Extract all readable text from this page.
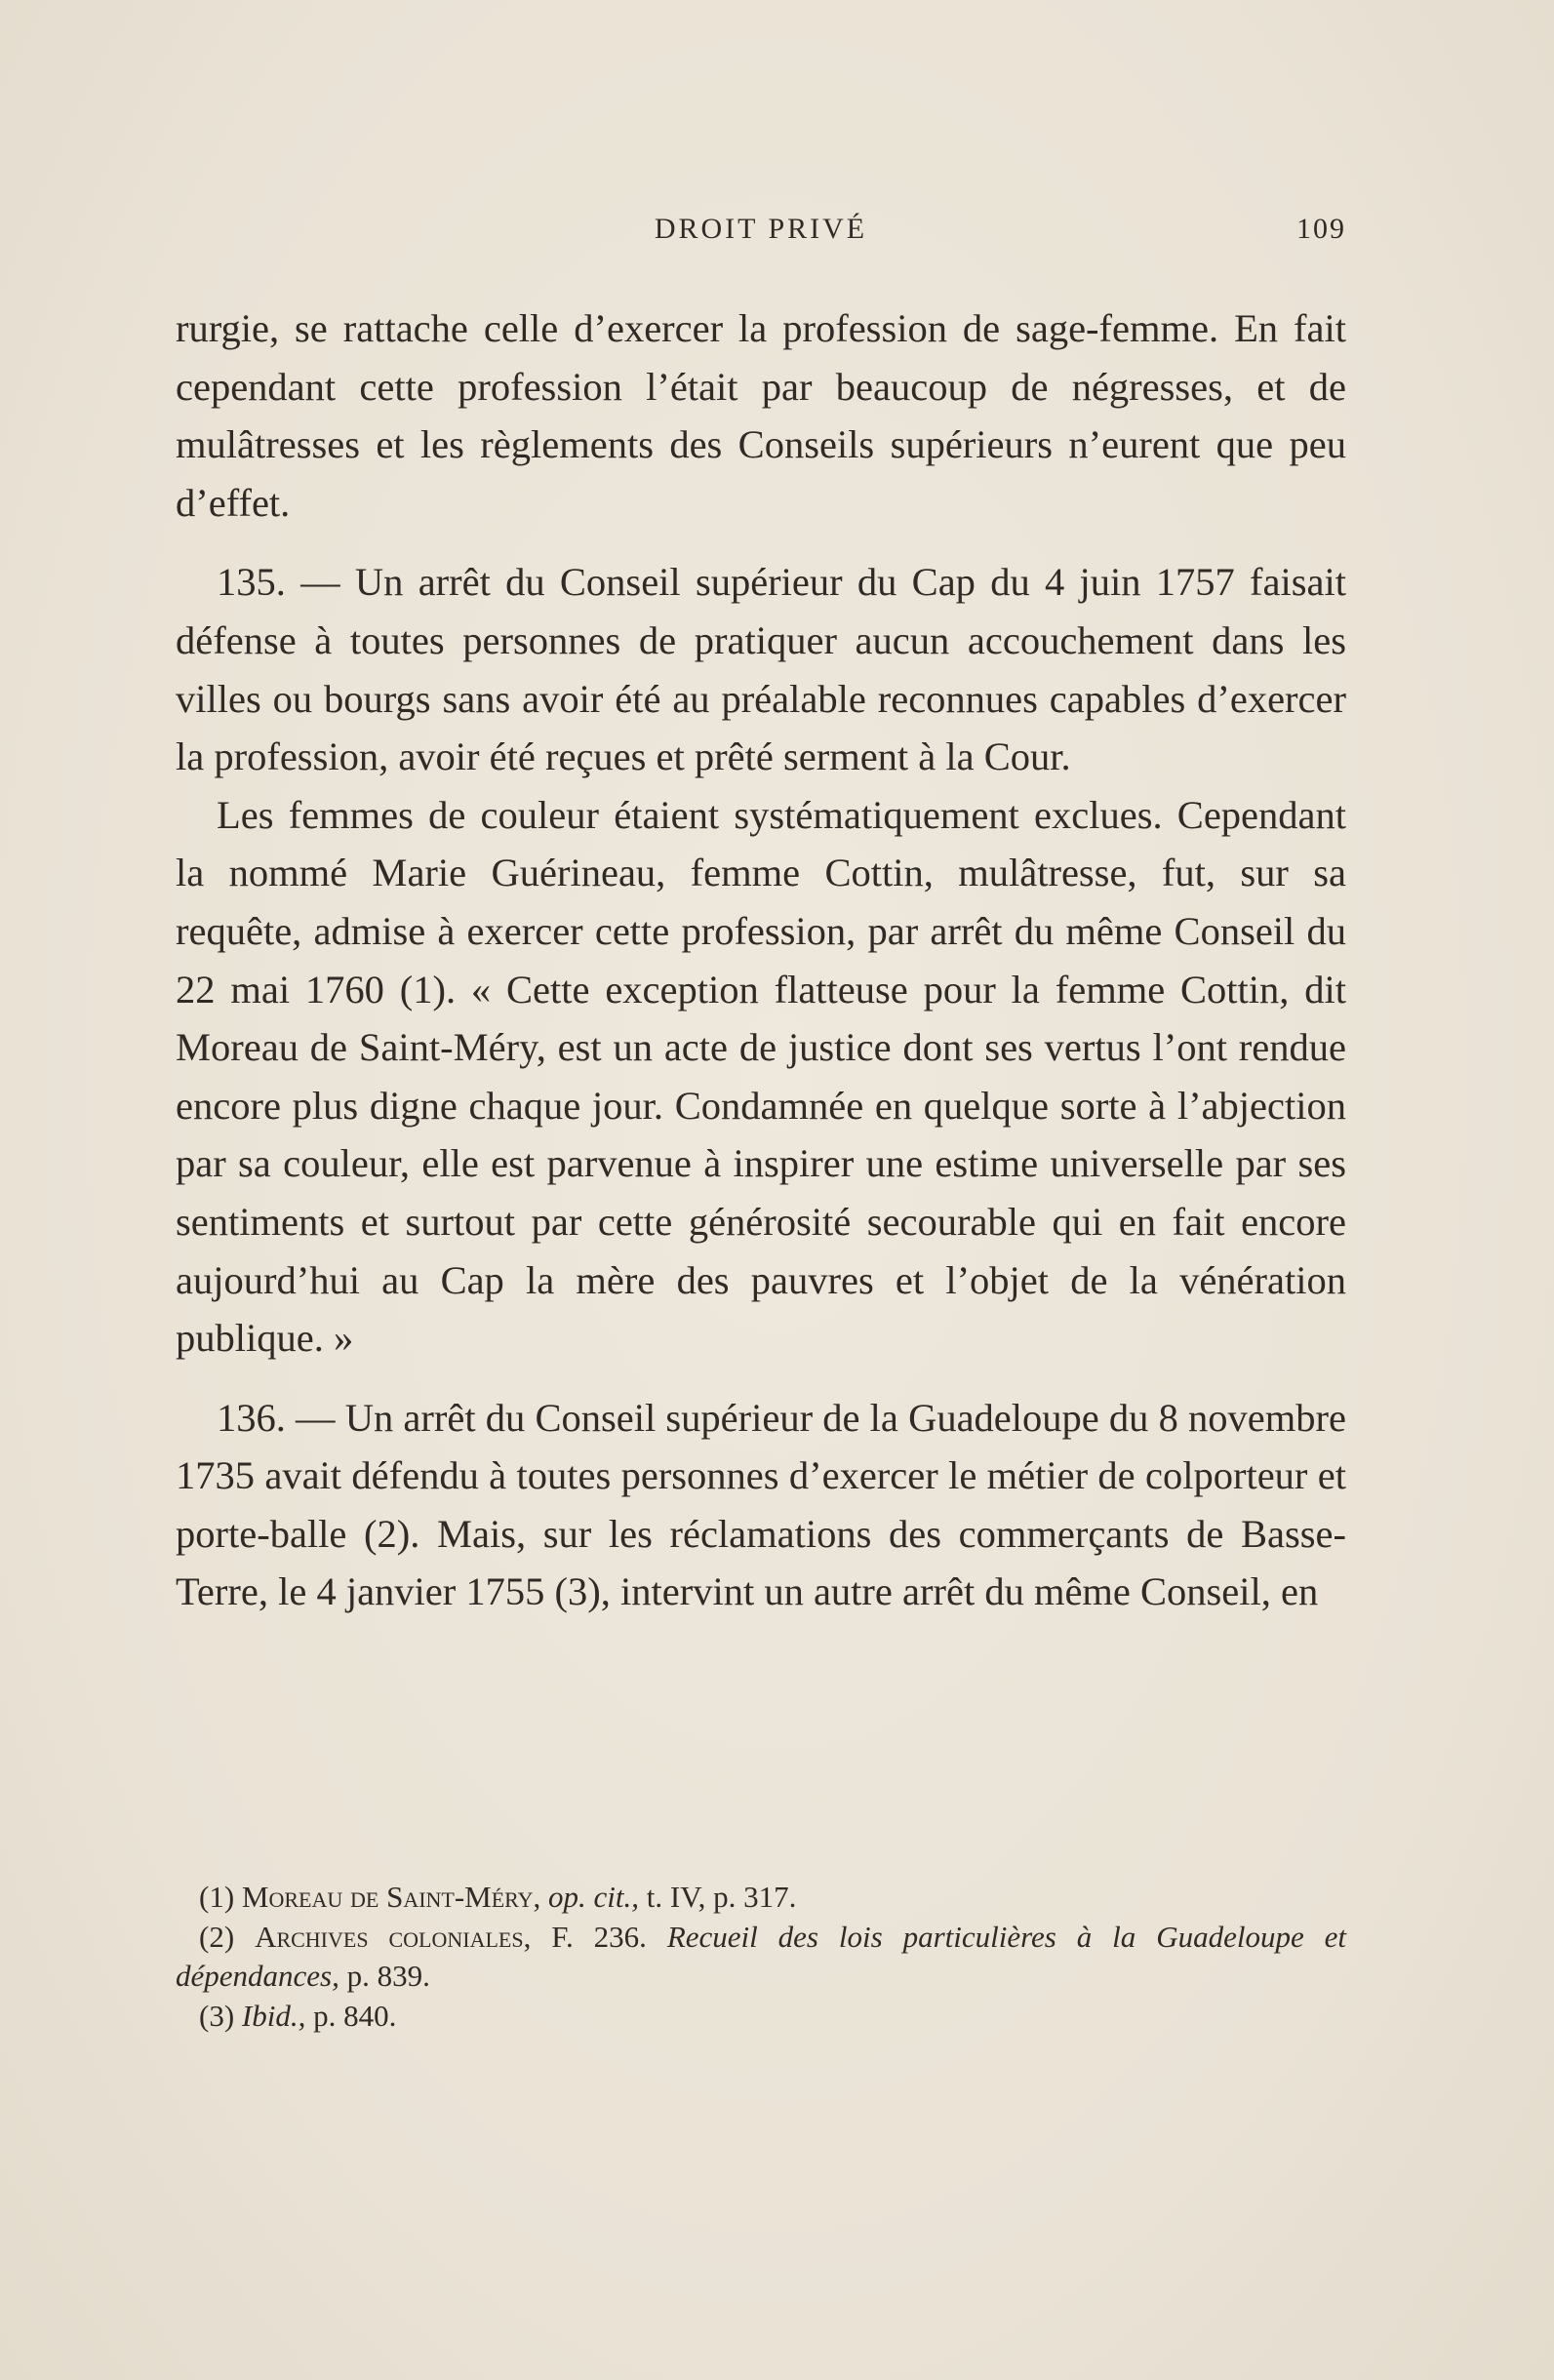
DROIT PRIVÉ	109

rurgie, se rattache celle d’exercer la profession de sage-femme. En fait cependant cette profession l’était par beaucoup de négresses, et de mulâtresses et les règlements des Conseils supérieurs n’eurent que peu d’effet.

135. — Un arrêt du Conseil supérieur du Cap du 4 juin 1757 faisait défense à toutes personnes de pratiquer aucun accouchement dans les villes ou bourgs sans avoir été au préalable reconnues capables d’exercer la profession, avoir été reçues et prêté serment à la Cour.

Les femmes de couleur étaient systématiquement exclues. Cependant la nommé Marie Guérineau, femme Cottin, mulâtresse, fut, sur sa requête, admise à exercer cette profession, par arrêt du même Conseil du 22 mai 1760 (1). « Cette exception flatteuse pour la femme Cottin, dit Moreau de Saint-Méry, est un acte de justice dont ses vertus l’ont rendue encore plus digne chaque jour. Condamnée en quelque sorte à l’abjection par sa couleur, elle est parvenue à inspirer une estime universelle par ses sentiments et surtout par cette générosité secourable qui en fait encore aujourd’hui au Cap la mère des pauvres et l’objet de la vénération publique. »

136. — Un arrêt du Conseil supérieur de la Guadeloupe du 8 novembre 1735 avait défendu à toutes personnes d’exercer le métier de colporteur et porte-balle (2). Mais, sur les réclamations des commerçants de Basse-Terre, le 4 janvier 1755 (3), intervint un autre arrêt du même Conseil, en

(1) Moreau de Saint-Méry, op. cit., t. IV, p. 317.

(2) Archives coloniales, F. 236. Recueil des lois particulières à la Guadeloupe et dépendances, p. 839.

(3) Ibid., p. 840.
